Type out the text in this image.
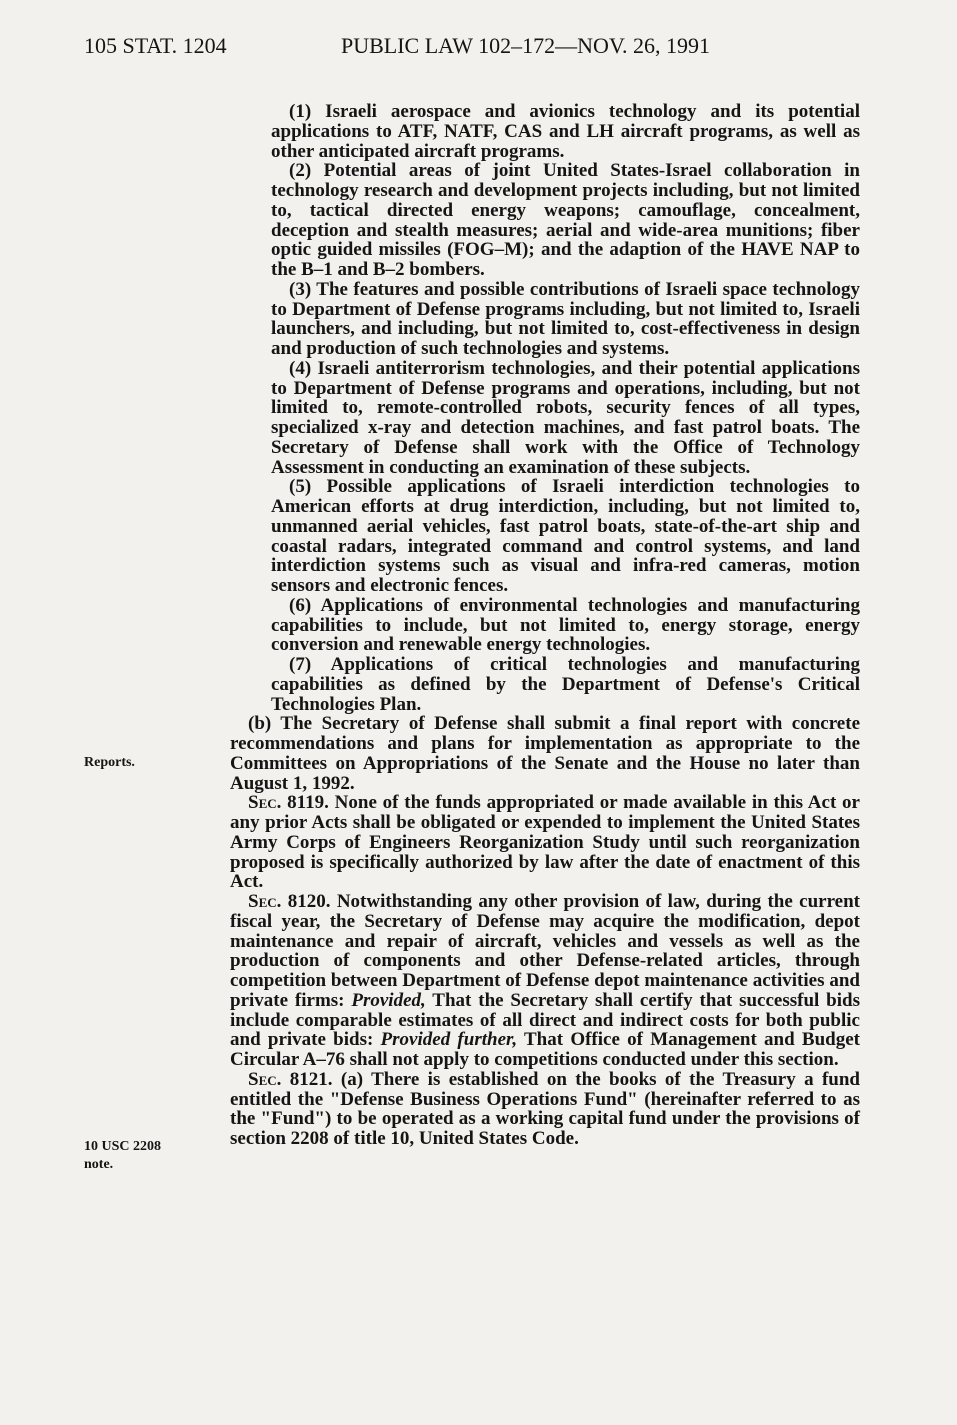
105 STAT. 1204	PUBLIC LAW 102–172—NOV. 26, 1991
Reports.
10 USC 2208
note.

(1) Israeli aerospace and avionics technology and its potential applications to ATF, NATF, CAS and LH aircraft programs, as well as other anticipated aircraft programs.

(2) Potential areas of joint United States-Israel collaboration in technology research and development projects including, but not limited to, tactical directed energy weapons; camouflage, concealment, deception and stealth measures; aerial and wide-area munitions; fiber optic guided missiles (FOG–M); and the adaption of the HAVE NAP to the B–1 and B–2 bombers.

(3) The features and possible contributions of Israeli space technology to Department of Defense programs including, but not limited to, Israeli launchers, and including, but not limited to, cost-effectiveness in design and production of such technologies and systems.

(4) Israeli antiterrorism technologies, and their potential applications to Department of Defense programs and operations, including, but not limited to, remote-controlled robots, security fences of all types, specialized x-ray and detection machines, and fast patrol boats. The Secretary of Defense shall work with the Office of Technology Assessment in conducting an examination of these subjects.

(5) Possible applications of Israeli interdiction technologies to American efforts at drug interdiction, including, but not limited to, unmanned aerial vehicles, fast patrol boats, state-of-the-art ship and coastal radars, integrated command and control systems, and land interdiction systems such as visual and infra-red cameras, motion sensors and electronic fences.

(6) Applications of environmental technologies and manufacturing capabilities to include, but not limited to, energy storage, energy conversion and renewable energy technologies.

(7) Applications of critical technologies and manufacturing capabilities as defined by the Department of Defense's Critical Technologies Plan.

(b) The Secretary of Defense shall submit a final report with concrete recommendations and plans for implementation as appropriate to the Committees on Appropriations of the Senate and the House no later than August 1, 1992.

Sec. 8119. None of the funds appropriated or made available in this Act or any prior Acts shall be obligated or expended to implement the United States Army Corps of Engineers Reorganization Study until such reorganization proposed is specifically authorized by law after the date of enactment of this Act.

Sec. 8120. Notwithstanding any other provision of law, during the current fiscal year, the Secretary of Defense may acquire the modification, depot maintenance and repair of aircraft, vehicles and vessels as well as the production of components and other Defense-related articles, through competition between Department of Defense depot maintenance activities and private firms: Provided, That the Secretary shall certify that successful bids include comparable estimates of all direct and indirect costs for both public and private bids: Provided further, That Office of Management and Budget Circular A–76 shall not apply to competitions conducted under this section.

Sec. 8121. (a) There is established on the books of the Treasury a fund entitled the "Defense Business Operations Fund" (hereinafter referred to as the "Fund") to be operated as a working capital fund under the provisions of section 2208 of title 10, United States Code.
